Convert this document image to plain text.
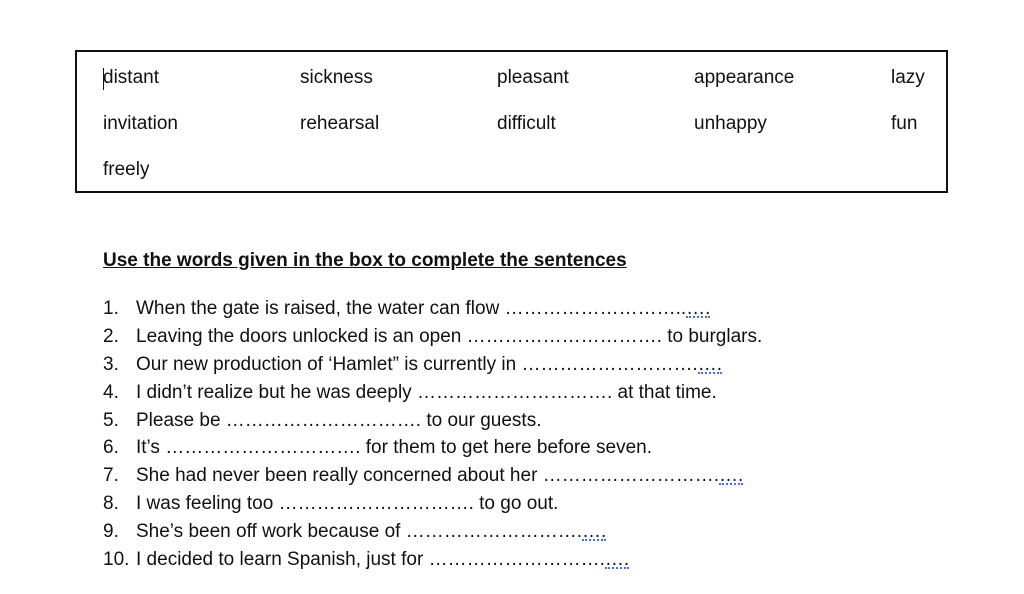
distant	sickness	pleasant	appearance	lazy
invitation	rehearsal	difficult	unhappy	fun
freely
Use the words given in the box to complete the sentences
1. When the gate is raised, the water can flow ………………………..….
2. Leaving the doors unlocked is an open …………………………. to burglars.
3. Our new production of ‘Hamlet” is currently in ……………………….….
4. I didn’t realize but he was deeply …………………………. at that time.
5. Please be …………………………. to our guests.
6. It’s …………………………. for them to get here before seven.
7. She had never been really concerned about her ……………………….….
8. I was feeling too …………………………. to go out.
9. She’s been off work because of ……………………….….
10. I decided to learn Spanish, just for ……………………….….
